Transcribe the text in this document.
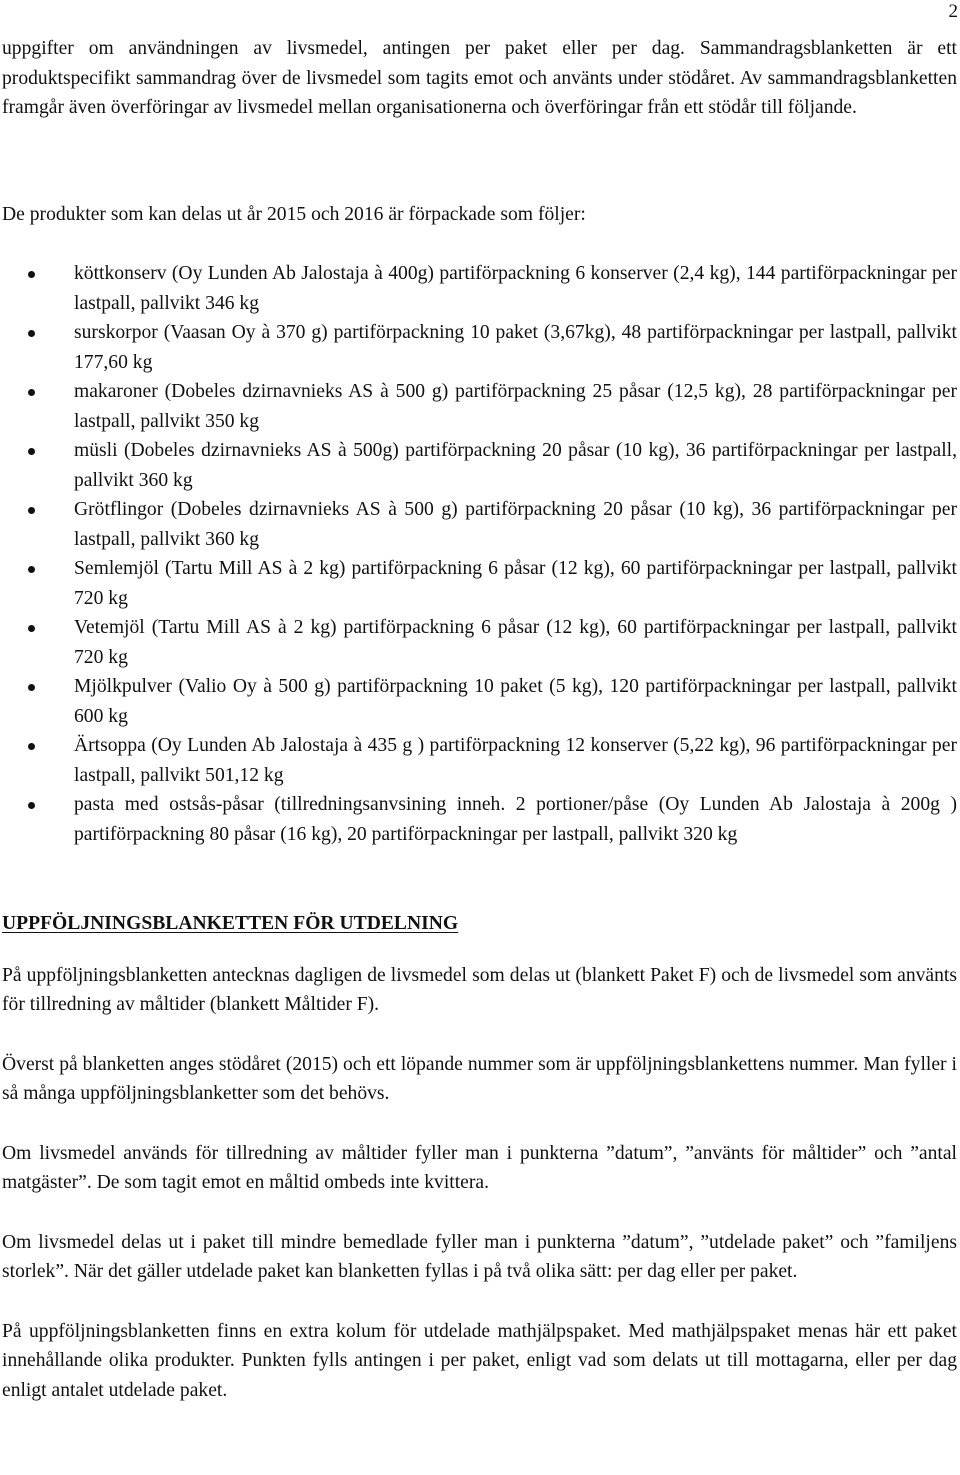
2

uppgifter om användningen av livsmedel, antingen per paket eller per dag. Sammandragsblanketten är ett produktspecifikt sammandrag över de livsmedel som tagits emot och använts under stödåret. Av sammandragsblanketten framgår även överföringar av livsmedel mellan organisationerna och överföringar från ett stödår till följande.

De produkter som kan delas ut år 2015 och 2016 är förpackade som följer:

köttkonserv (Oy Lunden Ab Jalostaja à 400g) partiförpackning 6 konserver (2,4 kg), 144 partiförpackningar per lastpall, pallvikt 346 kg
surskorpor (Vaasan Oy à 370 g) partiförpackning 10 paket (3,67kg), 48 partiförpackningar per lastpall, pallvikt 177,60 kg
makaroner (Dobeles dzirnavnieks AS à 500 g) partiförpackning 25 påsar (12,5 kg), 28 partiförpackningar per lastpall, pallvikt 350 kg
müsli (Dobeles dzirnavnieks AS à 500g) partiförpackning 20 påsar (10 kg), 36 partiförpackningar per lastpall, pallvikt 360 kg
Grötflingor (Dobeles dzirnavnieks AS à 500 g) partiförpackning 20 påsar (10 kg), 36 partiförpackningar per lastpall, pallvikt 360 kg
Semlemjöl (Tartu Mill AS à 2 kg) partiförpackning 6 påsar (12 kg), 60 partiförpackningar per lastpall, pallvikt 720 kg
Vetemjöl (Tartu Mill AS à 2 kg) partiförpackning 6 påsar (12 kg), 60 partiförpackningar per lastpall, pallvikt 720 kg
Mjölkpulver (Valio Oy à 500 g) partiförpackning 10 paket (5 kg), 120 partiförpackningar per lastpall, pallvikt 600 kg
Ärtsoppa (Oy Lunden Ab Jalostaja à 435 g ) partiförpackning 12 konserver (5,22 kg), 96 partiförpackningar per lastpall, pallvikt 501,12 kg
pasta med ostsås-påsar (tillredningsanvsining inneh. 2 portioner/påse (Oy Lunden Ab Jalostaja à 200g ) partiförpackning 80 påsar (16 kg), 20 partiförpackningar per lastpall, pallvikt 320 kg
UPPFÖLJNINGSBLANKETTEN FÖR UTDELNING

På uppföljningsblanketten antecknas dagligen de livsmedel som delas ut (blankett Paket F) och de livsmedel som använts för tillredning av måltider (blankett Måltider F).

Överst på blanketten anges stödåret (2015) och ett löpande nummer som är uppföljningsblankettens nummer. Man fyller i så många uppföljningsblanketter som det behövs.

Om livsmedel används för tillredning av måltider fyller man i punkterna ”datum”, ”använts för måltider” och ”antal matgäster”. De som tagit emot en måltid ombeds inte kvittera.

Om livsmedel delas ut i paket till mindre bemedlade fyller man i punkterna ”datum”, ”utdelade paket” och ”familjens storlek”. När det gäller utdelade paket kan blanketten fyllas i på två olika sätt: per dag eller per paket.

På uppföljningsblanketten finns en extra kolum för utdelade mathjälpspaket. Med mathjälpspaket menas här ett paket innehållande olika produkter. Punkten fylls antingen i per paket, enligt vad som delats ut till mottagarna, eller per dag enligt antalet utdelade paket.
